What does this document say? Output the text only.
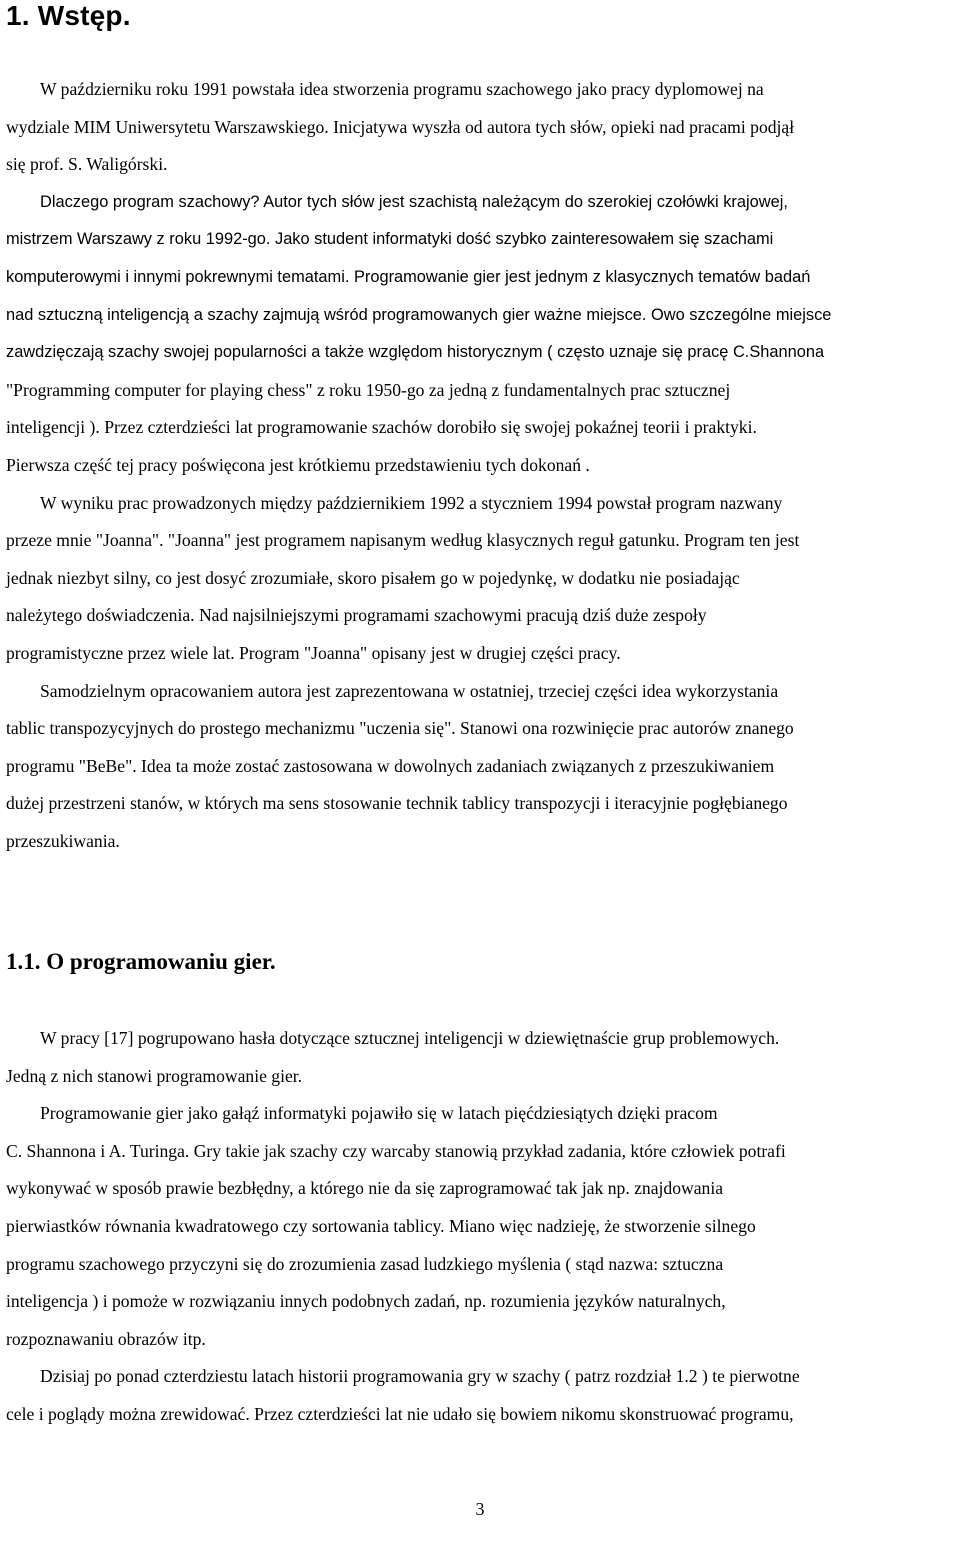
1. Wstęp.
W październiku roku 1991 powstała idea stworzenia programu szachowego jako pracy dyplomowej na
wydziale MIM Uniwersytetu Warszawskiego. Inicjatywa wyszła od autora tych słów, opieki nad pracami podjął
się prof. S. Waligórski.
Dlaczego program szachowy? Autor tych słów jest szachistą należącym do szerokiej czołówki krajowej,
mistrzem Warszawy z roku 1992-go. Jako student informatyki dość szybko zainteresowałem się szachami
komputerowymi i innymi pokrewnymi tematami. Programowanie gier jest jednym z klasycznych tematów badań
nad sztuczną inteligencją a szachy zajmują wśród programowanych gier ważne miejsce. Owo szczególne miejsce
zawdzięczają szachy swojej popularności a także względom historycznym ( często uznaje się pracę C.Shannona
"Programming computer for playing chess" z roku 1950-go za jedną z fundamentalnych prac sztucznej
inteligencji ). Przez czterdzieści lat programowanie szachów dorobiło się swojej pokaźnej teorii i praktyki.
Pierwsza część tej pracy poświęcona jest krótkiemu przedstawieniu tych dokonań .
W wyniku prac prowadzonych między październikiem 1992 a styczniem 1994 powstał program nazwany
przeze mnie "Joanna". "Joanna" jest programem napisanym według klasycznych reguł gatunku. Program ten jest
jednak niezbyt silny, co jest dosyć zrozumiałe, skoro pisałem go w pojedynkę, w dodatku nie posiadając
należytego doświadczenia. Nad najsilniejszymi programami szachowymi pracują dziś duże zespoły
programistyczne przez wiele lat. Program "Joanna" opisany jest w drugiej części pracy.
Samodzielnym opracowaniem autora jest zaprezentowana w ostatniej, trzeciej części idea wykorzystania
tablic transpozycyjnych do prostego mechanizmu "uczenia się". Stanowi ona rozwinięcie prac autorów znanego
programu "BeBe". Idea ta może zostać zastosowana w dowolnych zadaniach związanych z przeszukiwaniem
dużej przestrzeni stanów, w których ma sens stosowanie technik tablicy transpozycji i iteracyjnie pogłębianego
przeszukiwania.
1.1. O programowaniu gier.
W pracy [17] pogrupowano hasła dotyczące sztucznej inteligencji w dziewiętnaście grup problemowych.
Jedną z nich stanowi programowanie gier.
Programowanie gier jako gałąź informatyki pojawiło się w latach pięćdziesiątych dzięki pracom
C. Shannona i A. Turinga. Gry takie jak szachy czy warcaby stanowią przykład zadania, które człowiek potrafi
wykonywać w sposób prawie bezbłędny, a którego nie da się zaprogramować tak jak np. znajdowania
pierwiastków równania kwadratowego czy sortowania tablicy. Miano więc nadzieję, że stworzenie silnego
programu szachowego przyczyni się do zrozumienia zasad ludzkiego myślenia ( stąd nazwa: sztuczna
inteligencja ) i pomoże w rozwiązaniu innych podobnych zadań, np. rozumienia języków naturalnych,
rozpoznawaniu obrazów itp.
Dzisiaj po ponad czterdziestu latach historii programowania gry w szachy ( patrz rozdział 1.2 ) te pierwotne
cele i poglądy można zrewidować. Przez czterdzieści lat nie udało się bowiem nikomu skonstruować programu,
3
